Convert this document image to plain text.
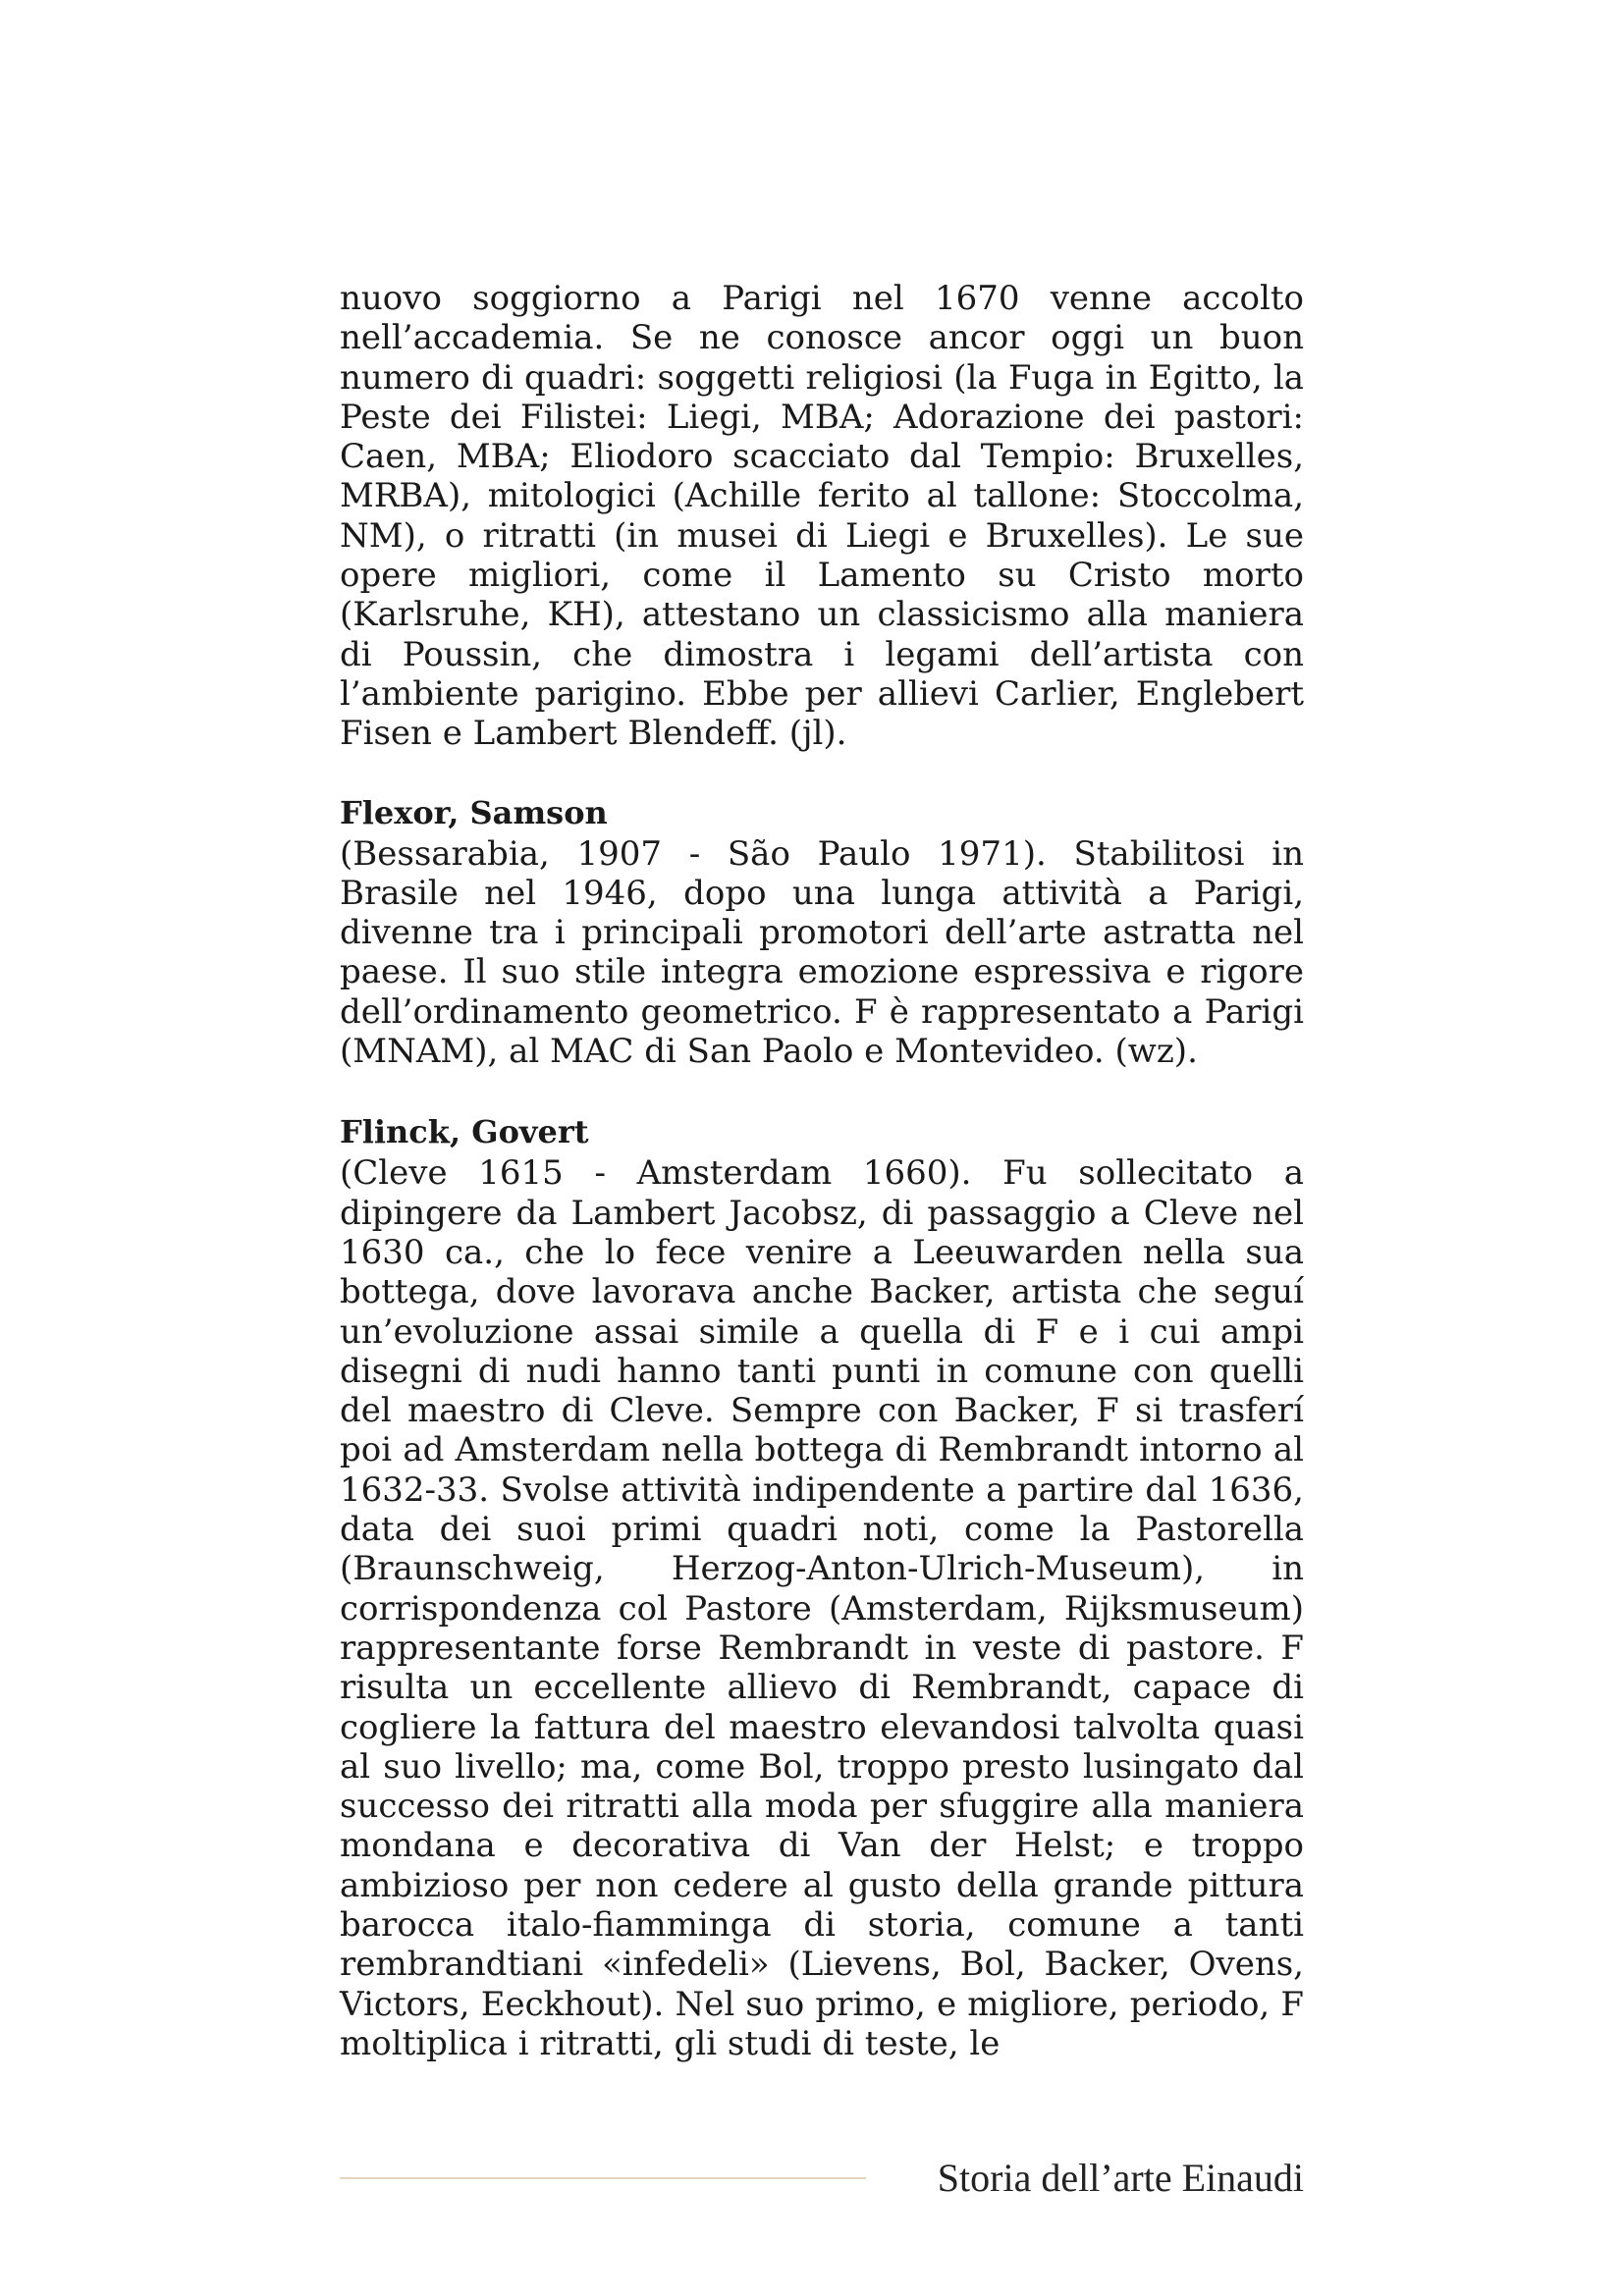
nuovo soggiorno a Parigi nel 1670 venne accolto nell’accademia. Se ne conosce ancor oggi un buon numero di quadri: soggetti religiosi (la Fuga in Egitto, la Peste dei Filistei: Liegi, MBA; Adorazione dei pastori: Caen, MBA; Eliodoro scacciato dal Tempio: Bruxelles, MRBA), mitologici (Achille ferito al tallone: Stoccolma, NM), o ritratti (in musei di Liegi e Bruxelles). Le sue opere migliori, come il Lamento su Cristo morto (Karlsruhe, KH), attestano un classicismo alla maniera di Poussin, che dimostra i legami dell’artista con l’ambiente parigino. Ebbe per allievi Carlier, Englebert Fisen e Lambert Blendeff. (jl).

Flexor, Samson

(Bessarabia, 1907 - São Paulo 1971). Stabilitosi in Brasile nel 1946, dopo una lunga attività a Parigi, divenne tra i principali promotori dell’arte astratta nel paese. Il suo stile integra emozione espressiva e rigore dell’ordinamento geometrico. F è rappresentato a Parigi (MNAM), al MAC di San Paolo e Montevideo. (wz).

Flinck, Govert

(Cleve 1615 - Amsterdam 1660). Fu sollecitato a dipingere da Lambert Jacobsz, di passaggio a Cleve nel 1630 ca., che lo fece venire a Leeuwarden nella sua bottega, dove lavorava anche Backer, artista che seguí un’evoluzione assai simile a quella di F e i cui ampi disegni di nudi hanno tanti punti in comune con quelli del maestro di Cleve. Sempre con Backer, F si trasferí poi ad Amsterdam nella bottega di Rembrandt intorno al 1632-33. Svolse attività indipendente a partire dal 1636, data dei suoi primi quadri noti, come la Pastorella (Braunschweig, Herzog-Anton-Ulrich-Museum), in corrispondenza col Pastore (Amsterdam, Rijksmuseum) rappresentante forse Rembrandt in veste di pastore. F risulta un eccellente allievo di Rembrandt, capace di cogliere la fattura del maestro elevandosi talvolta quasi al suo livello; ma, come Bol, troppo presto lusingato dal successo dei ritratti alla moda per sfuggire alla maniera mondana e decorativa di Van der Helst; e troppo ambizioso per non cedere al gusto della grande pittura barocca italo-fiamminga di storia, comune a tanti rembrandtiani «infedeli» (Lievens, Bol, Backer, Ovens, Victors, Eeckhout). Nel suo primo, e migliore, periodo, F moltiplica i ritratti, gli studi di teste, le

Storia dell’arte Einaudi
